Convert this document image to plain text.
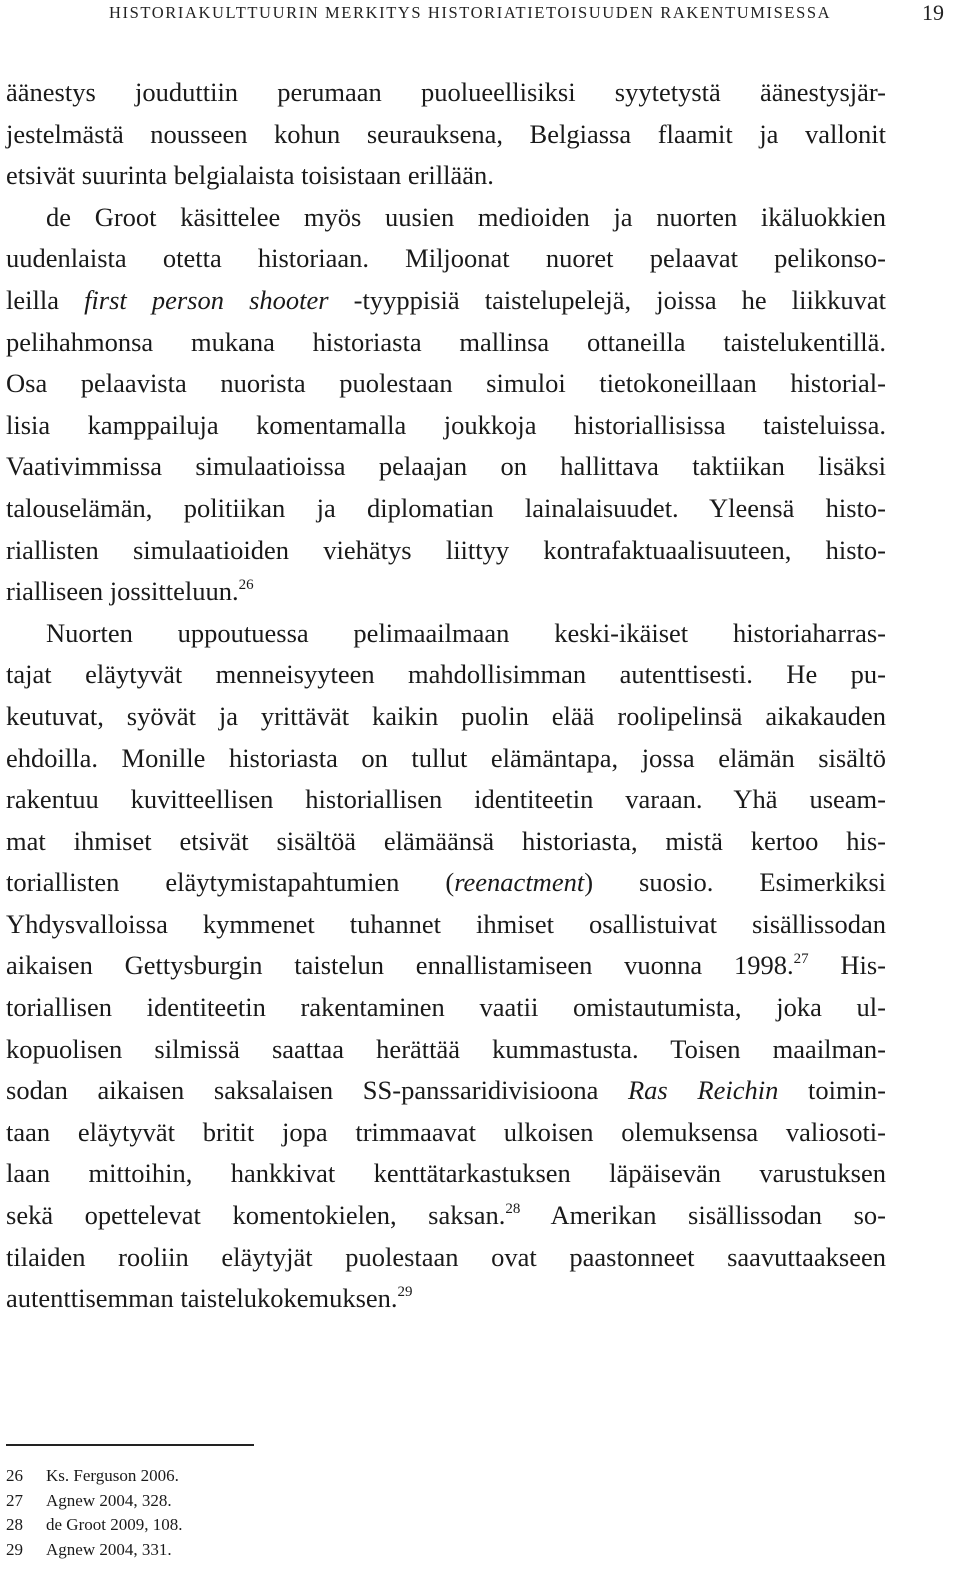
HISTORIAKULTTUURIN MERKITYS HISTORIATIETOISUUDEN RAKENTUMISESSA	19
äänestys jouduttiin perumaan puolueellisiksi syytetystä äänestysjär-
jestelmästä nousseen kohun seurauksena, Belgiassa flaamit ja vallonit
etsivät suurinta belgialaista toisistaan erillään.
de Groot käsittelee myös uusien medioiden ja nuorten ikäluokkien
uudenlaista otetta historiaan. Miljoonat nuoret pelaavat pelikonso-
leilla first person shooter -tyyppisiä taistelupelejä, joissa he liikkuvat
pelihahmonsa mukana historiasta mallinsa ottaneilla taistelukentillä.
Osa pelaavista nuorista puolestaan simuloi tietokoneillaan historial-
lisia kamppailuja komentamalla joukkoja historiallisissa taisteluissa.
Vaativimmissa simulaatioissa pelaajan on hallittava taktiikan lisäksi
talouselämän, politiikan ja diplomatian lainalaisuudet. Yleensä histo-
riallisten simulaatioiden viehätys liittyy kontrafaktuaalisuuteen, histo-
rialliseen jossitteluun.$^{26}$
Nuorten uppoutuessa pelimaailmaan keski-ikäiset historiaharras-
tajat eläytyvät menneisyyteen mahdollisimman autenttisesti. He pu-
keutuvat, syövät ja yrittävät kaikin puolin elää roolipelinsä aikakauden
ehdoilla. Monille historiasta on tullut elämäntapa, jossa elämän sisältö
rakentuu kuvitteellisen historiallisen identiteetin varaan. Yhä useam-
mat ihmiset etsivät sisältöä elämäänsä historiasta, mistä kertoo his-
toriallisten eläytymistapahtumien (reenactment) suosio. Esimerkiksi
Yhdysvalloissa kymmenet tuhannet ihmiset osallistuivat sisällissodan
aikaisen Gettysburgin taistelun ennallistamiseen vuonna 1998.27 His-
toriallisen identiteetin rakentaminen vaatii omistautumista, joka ul-
kopuolisen silmissä saattaa herättää kummastusta. Toisen maailman-
sodan aikaisen saksalaisen SS-panssaridivisioona Ras Reichin toimin-
taan eläytyvät britit jopa trimmaavat ulkoisen olemuksensa valiosoti-
laan mittoihin, hankkivat kenttätarkastuksen läpäisevän varustuksen
sekä opettelevat komentokielen, saksan.$^{28}$ Amerikan sisällissodan so-
tilaiden rooliin eläytyjät puolestaan ovat paastonneet saavuttaakseen
autenttisemman taistelukokemuksen.$^{29}$
26 Ks. Ferguson 2006.
27 Agnew 2004, 328.
28 de Groot 2009, 108.
29 Agnew 2004, 331.
